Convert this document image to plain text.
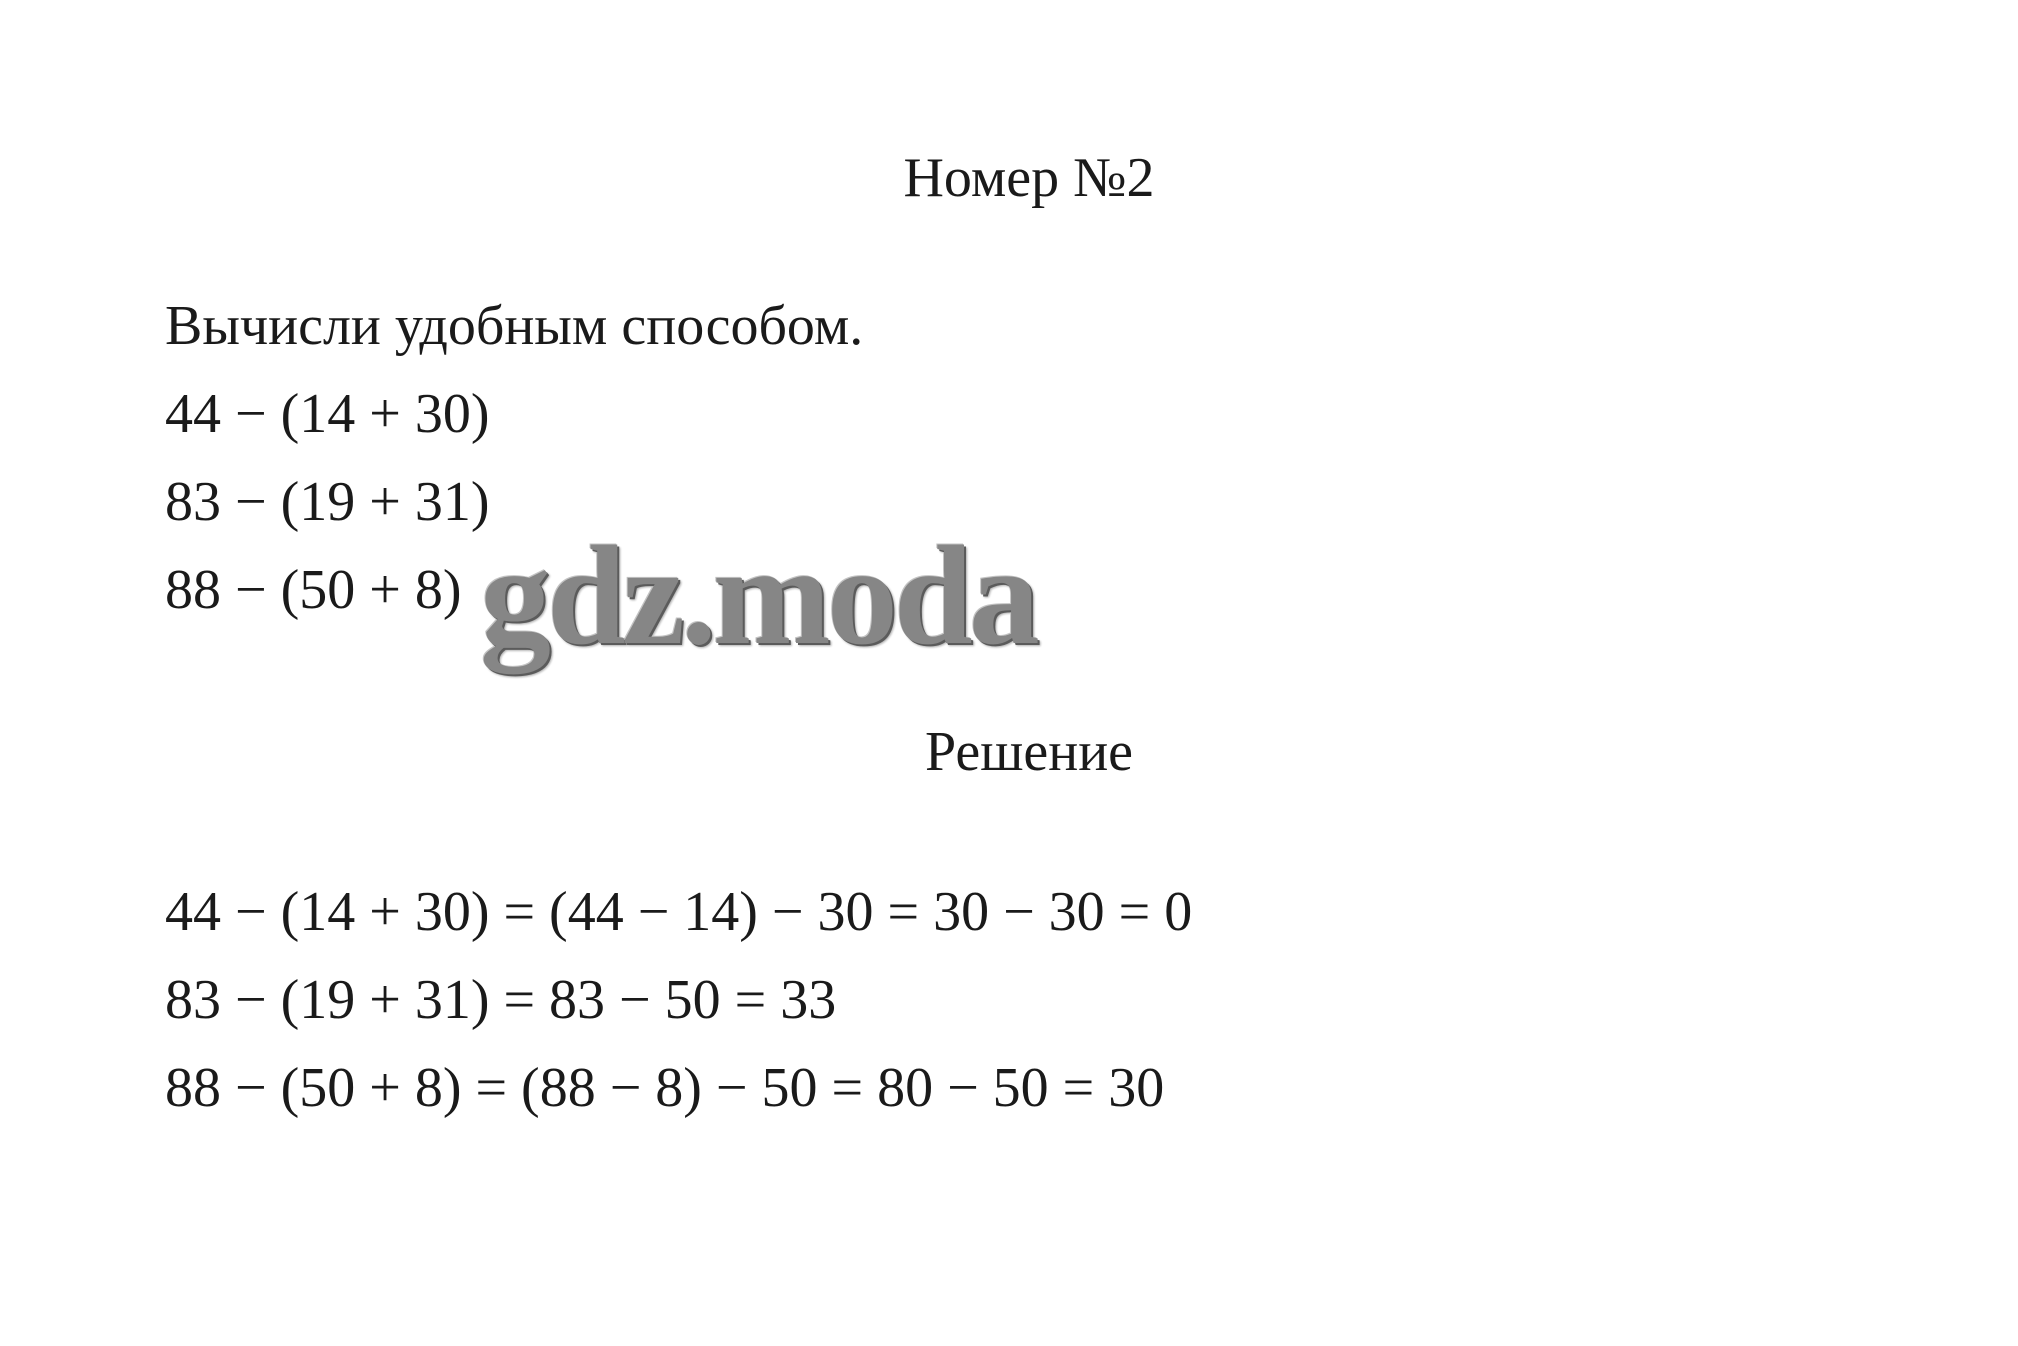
Номер №2
Вычисли удобным способом.
44 − (14 + 30)
83 − (19 + 31)
88 − (50 + 8) gdz.moda
Решение
44 − (14 + 30) = (44 − 14) − 30 = 30 − 30 = 0
83 − (19 + 31) = 83 − 50 = 33
88 − (50 + 8) = (88 − 8) − 50 = 80 − 50 = 30
